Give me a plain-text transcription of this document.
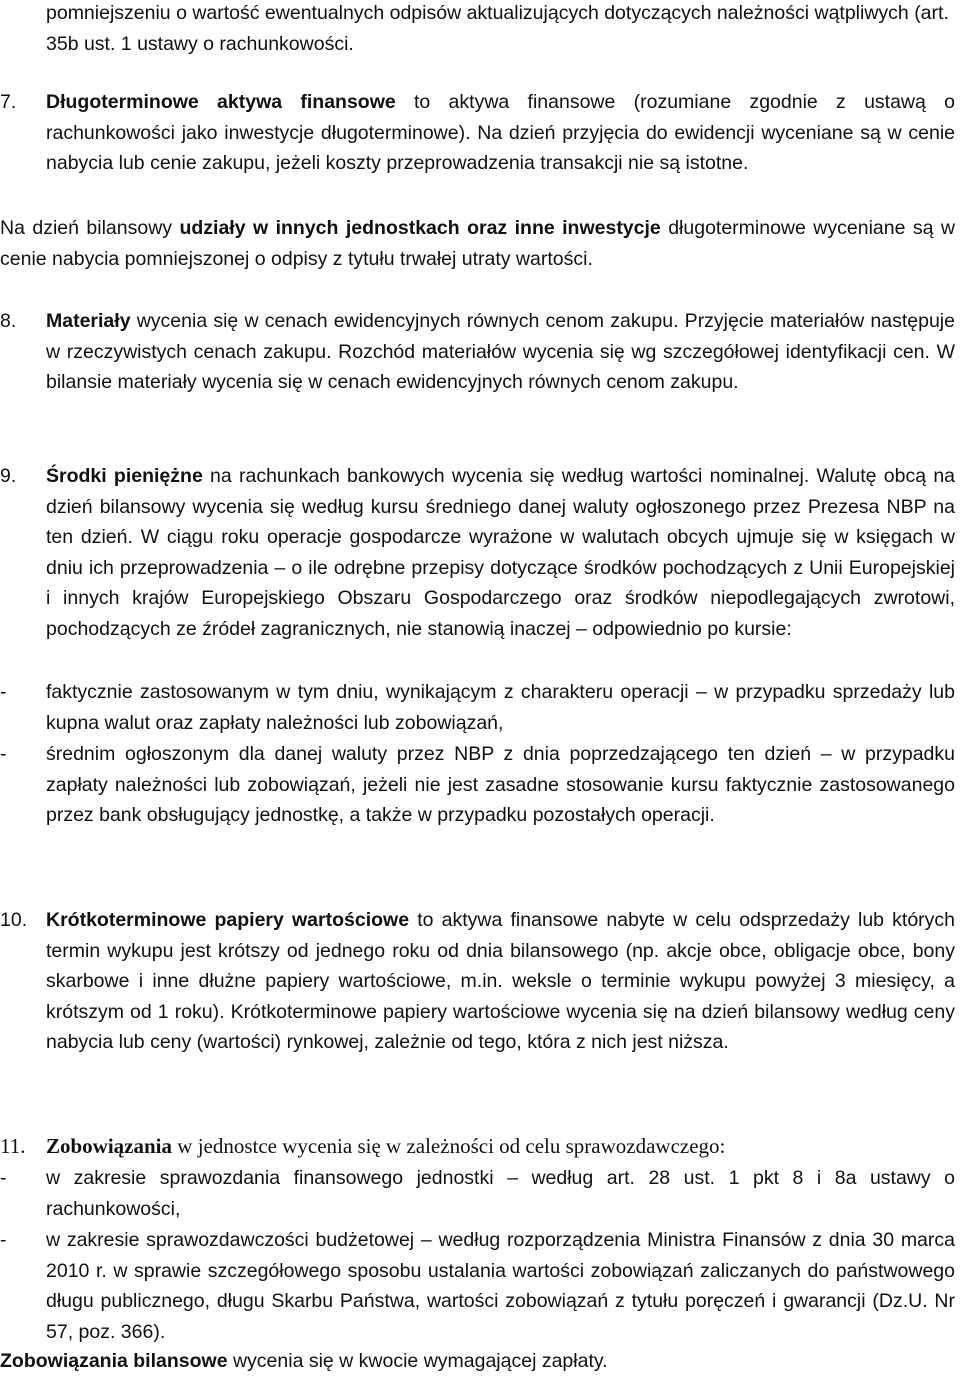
pomniejszeniu o wartość ewentualnych odpisów aktualizujących dotyczących należności wątpliwych (art. 35b ust. 1 ustawy o rachunkowości.

7. Długoterminowe aktywa finansowe to aktywa finansowe (rozumiane zgodnie z ustawą o rachunkowości jako inwestycje długoterminowe). Na dzień przyjęcia do ewidencji wyceniane są w cenie nabycia lub cenie zakupu, jeżeli koszty przeprowadzenia transakcji nie są istotne.

Na dzień bilansowy udziały w innych jednostkach oraz inne inwestycje długoterminowe wyceniane są w cenie nabycia pomniejszonej o odpisy z tytułu trwałej utraty wartości.

8. Materiały wycenia się w cenach ewidencyjnych równych cenom zakupu. Przyjęcie materiałów następuje w rzeczywistych cenach zakupu. Rozchód materiałów wycenia się wg szczegółowej identyfikacji cen. W bilansie materiały wycenia się w cenach ewidencyjnych równych cenom zakupu.
9. Środki pieniężne na rachunkach bankowych wycenia się według wartości nominalnej. Walutę obcą na dzień bilansowy wycenia się według kursu średniego danej waluty ogłoszonego przez Prezesa NBP na ten dzień. W ciągu roku operacje gospodarcze wyrażone w walutach obcych ujmuje się w księgach w dniu ich przeprowadzenia – o ile odrębne przepisy dotyczące środków pochodzących z Unii Europejskiej i innych krajów Europejskiego Obszaru Gospodarczego oraz środków niepodlegających zwrotowi, pochodzących ze źródeł zagranicznych, nie stanowią inaczej – odpowiednio po kursie:
- faktycznie zastosowanym w tym dniu, wynikającym z charakteru operacji – w przypadku sprzedaży lub kupna walut oraz zapłaty należności lub zobowiązań,
- średnim ogłoszonym dla danej waluty przez NBP z dnia poprzedzającego ten dzień – w przypadku zapłaty należności lub zobowiązań, jeżeli nie jest zasadne stosowanie kursu faktycznie zastosowanego przez bank obsługujący jednostkę, a także w przypadku pozostałych operacji.
10. Krótkoterminowe papiery wartościowe to aktywa finansowe nabyte w celu odsprzedaży lub których termin wykupu jest krótszy od jednego roku od dnia bilansowego (np. akcje obce, obligacje obce, bony skarbowe i inne dłużne papiery wartościowe, m.in. weksle o terminie wykupu powyżej 3 miesięcy, a krótszym od 1 roku). Krótkoterminowe papiery wartościowe wycenia się na dzień bilansowy według ceny nabycia lub ceny (wartości) rynkowej, zależnie od tego, która z nich jest niższa.
11. Zobowiązania w jednostce wycenia się w zależności od celu sprawozdawczego:
- w zakresie sprawozdania finansowego jednostki – według art. 28 ust. 1 pkt 8 i 8a ustawy o rachunkowości,
- w zakresie sprawozdawczości budżetowej – według rozporządzenia Ministra Finansów z dnia 30 marca 2010 r. w sprawie szczegółowego sposobu ustalania wartości zobowiązań zaliczanych do państwowego długu publicznego, długu Skarbu Państwa, wartości zobowiązań z tytułu poręczeń i gwarancji (Dz.U. Nr 57, poz. 366).

Zobowiązania bilansowe wycenia się w kwocie wymagającej zapłaty.
